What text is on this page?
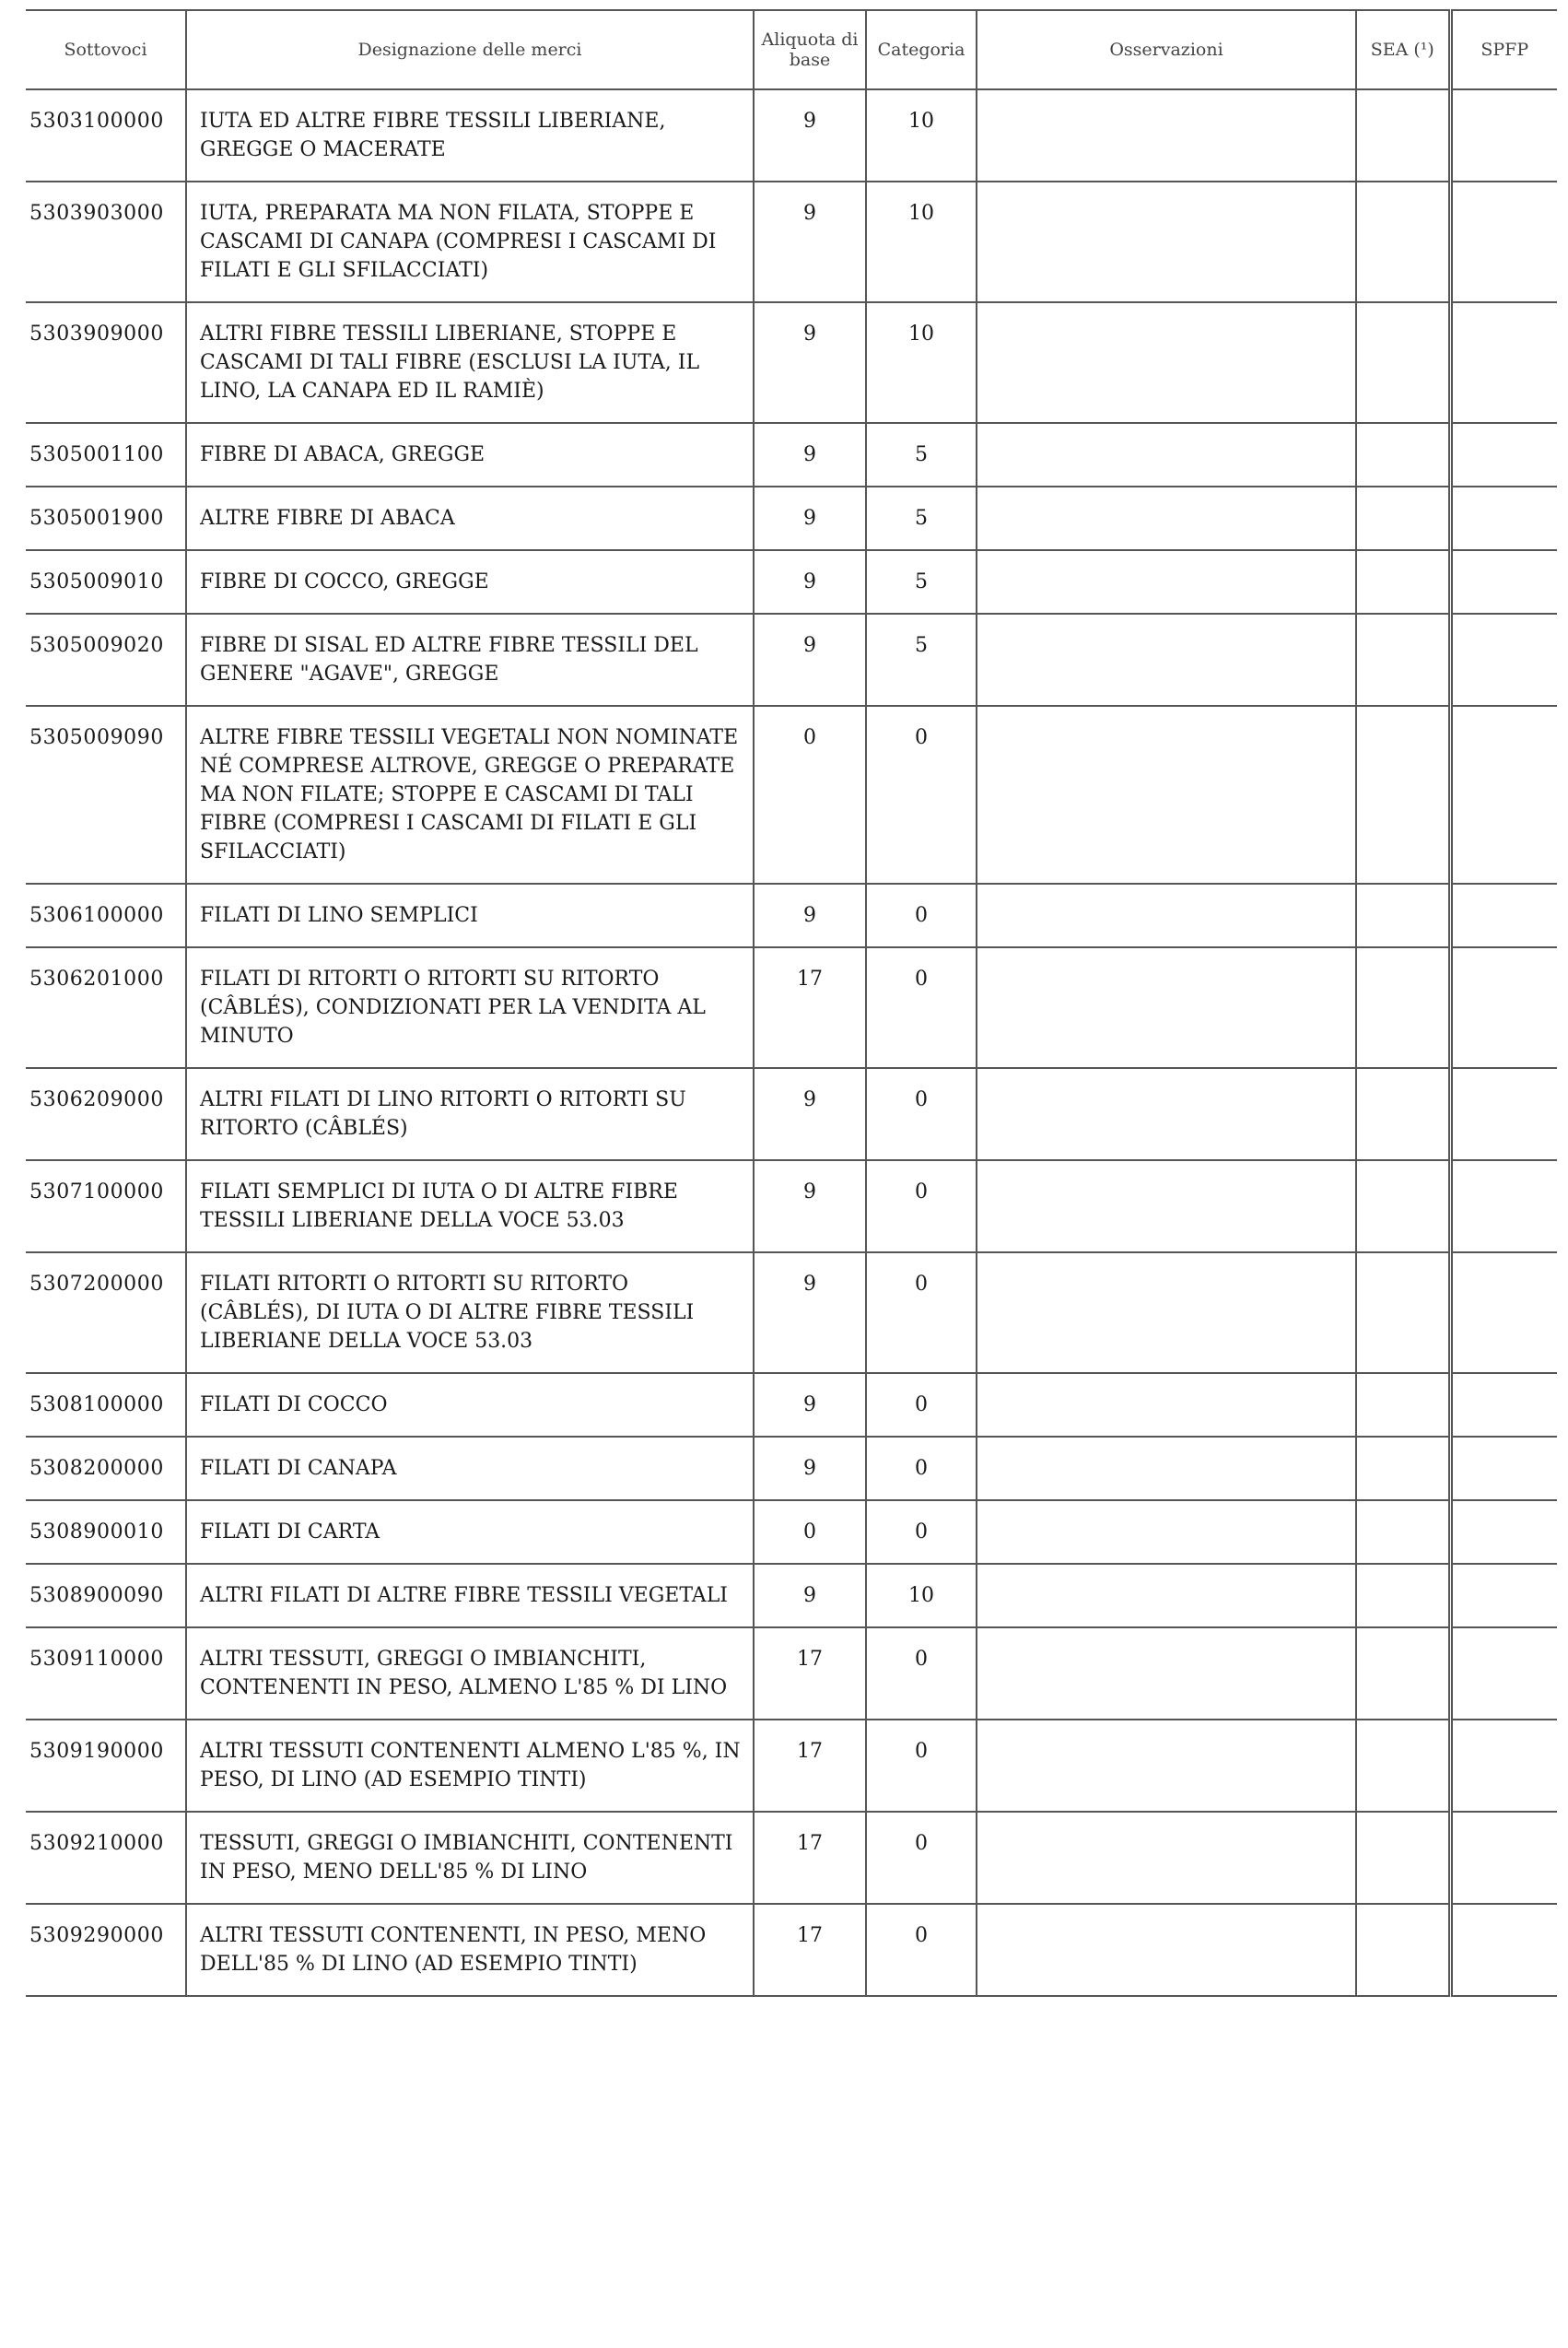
Sottovoci	Designazione delle merci	Aliquota di base	Categoria	Osservazioni	SEA (¹)	SPFP
5303100000	IUTA ED ALTRE FIBRE TESSILI LIBERIANE, GREGGE O MACERATE	9	10			
5303903000	IUTA, PREPARATA MA NON FILATA, STOPPE E CASCAMI DI CANAPA (COMPRESI I CASCAMI DI FILATI E GLI SFILACCIATI)	9	10			
5303909000	ALTRI FIBRE TESSILI LIBERIANE, STOPPE E CASCAMI DI TALI FIBRE (ESCLUSI LA IUTA, IL LINO, LA CANAPA ED IL RAMIÈ)	9	10			
5305001100	FIBRE DI ABACA, GREGGE	9	5			
5305001900	ALTRE FIBRE DI ABACA	9	5			
5305009010	FIBRE DI COCCO, GREGGE	9	5			
5305009020	FIBRE DI SISAL ED ALTRE FIBRE TESSILI DEL GENERE "AGAVE", GREGGE	9	5			
5305009090	ALTRE FIBRE TESSILI VEGETALI NON NOMINATE NÉ COMPRESE ALTROVE, GREGGE O PREPARATE MA NON FILATE; STOPPE E CASCAMI DI TALI FIBRE (COMPRESI I CASCAMI DI FILATI E GLI SFILACCIATI)	0	0			
5306100000	FILATI DI LINO SEMPLICI	9	0			
5306201000	FILATI DI RITORTI O RITORTI SU RITORTO (CÂBLÉS), CONDIZIONATI PER LA VENDITA AL MINUTO	17	0			
5306209000	ALTRI FILATI DI LINO RITORTI O RITORTI SU RITORTO (CÂBLÉS)	9	0			
5307100000	FILATI SEMPLICI DI IUTA O DI ALTRE FIBRE TESSILI LIBERIANE DELLA VOCE 53.03	9	0			
5307200000	FILATI RITORTI O RITORTI SU RITORTO (CÂBLÉS), DI IUTA O DI ALTRE FIBRE TESSILI LIBERIANE DELLA VOCE 53.03	9	0			
5308100000	FILATI DI COCCO	9	0			
5308200000	FILATI DI CANAPA	9	0			
5308900010	FILATI DI CARTA	0	0			
5308900090	ALTRI FILATI DI ALTRE FIBRE TESSILI VEGETALI	9	10			
5309110000	ALTRI TESSUTI, GREGGI O IMBIANCHITI, CONTENENTI IN PESO, ALMENO L'85 % DI LINO	17	0			
5309190000	ALTRI TESSUTI CONTENENTI ALMENO L'85 %, IN PESO, DI LINO (AD ESEMPIO TINTI)	17	0			
5309210000	TESSUTI, GREGGI O IMBIANCHITI, CONTENENTI IN PESO, MENO DELL'85 % DI LINO	17	0			
5309290000	ALTRI TESSUTI CONTENENTI, IN PESO, MENO DELL'85 % DI LINO (AD ESEMPIO TINTI)	17	0			
